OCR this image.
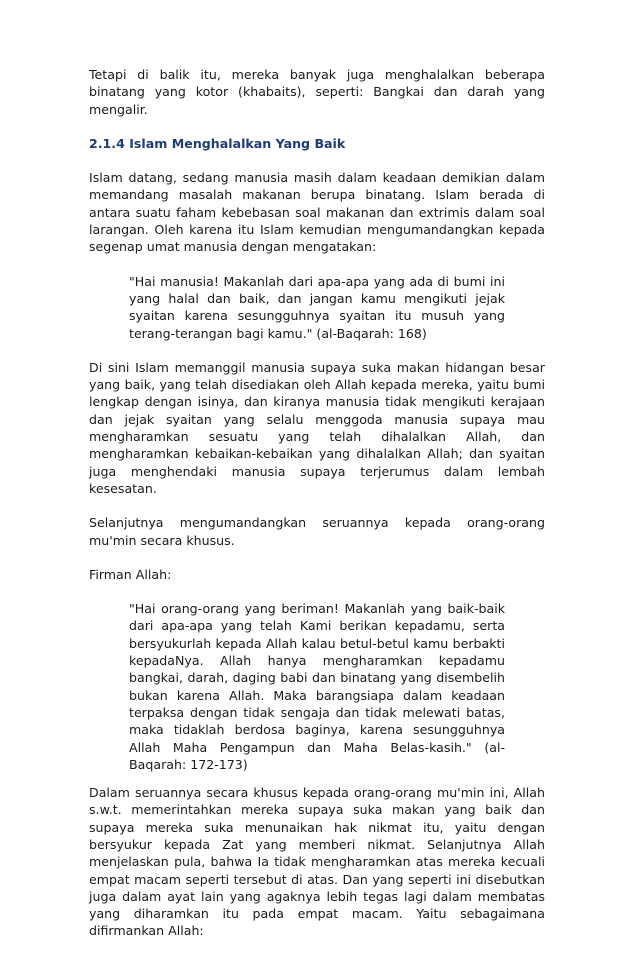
Tetapi di balik itu, mereka banyak juga menghalalkan beberapa binatang yang kotor (khabaits), seperti: Bangkai dan darah yang mengalir.

2.1.4 Islam Menghalalkan Yang Baik

Islam datang, sedang manusia masih dalam keadaan demikian dalam memandang masalah makanan berupa binatang. Islam berada di antara suatu faham kebebasan soal makanan dan extrimis dalam soal larangan. Oleh karena itu Islam kemudian mengumandangkan kepada segenap umat manusia dengan mengatakan:

"Hai manusia! Makanlah dari apa-apa yang ada di bumi ini yang halal dan baik, dan jangan kamu mengikuti jejak syaitan karena sesungguhnya syaitan itu musuh yang terang-terangan bagi kamu." (al-Baqarah: 168)

Di sini Islam memanggil manusia supaya suka makan hidangan besar yang baik, yang telah disediakan oleh Allah kepada mereka, yaitu bumi lengkap dengan isinya, dan kiranya manusia tidak mengikuti kerajaan dan jejak syaitan yang selalu menggoda manusia supaya mau mengharamkan sesuatu yang telah dihalalkan Allah, dan mengharamkan kebaikan-kebaikan yang dihalalkan Allah; dan syaitan juga menghendaki manusia supaya terjerumus dalam lembah kesesatan.

Selanjutnya mengumandangkan seruannya kepada orang-orang mu'min secara khusus.

Firman Allah:

"Hai orang-orang yang beriman! Makanlah yang baik-baik dari apa-apa yang telah Kami berikan kepadamu, serta bersyukurlah kepada Allah kalau betul-betul kamu berbakti kepadaNya. Allah hanya mengharamkan kepadamu bangkai, darah, daging babi dan binatang yang disembelih bukan karena Allah. Maka barangsiapa dalam keadaan terpaksa dengan tidak sengaja dan tidak melewati batas, maka tidaklah berdosa baginya, karena sesungguhnya Allah Maha Pengampun dan Maha Belas-kasih." (al-Baqarah: 172-173)

Dalam seruannya secara khusus kepada orang-orang mu'min ini, Allah s.w.t. memerintahkan mereka supaya suka makan yang baik dan supaya mereka suka menunaikan hak nikmat itu, yaitu dengan bersyukur kepada Zat yang memberi nikmat. Selanjutnya Allah menjelaskan pula, bahwa Ia tidak mengharamkan atas mereka kecuali empat macam seperti tersebut di atas. Dan yang seperti ini disebutkan juga dalam ayat lain yang agaknya lebih tegas lagi dalam membatas yang diharamkan itu pada empat macam. Yaitu sebagaimana difirmankan Allah:
